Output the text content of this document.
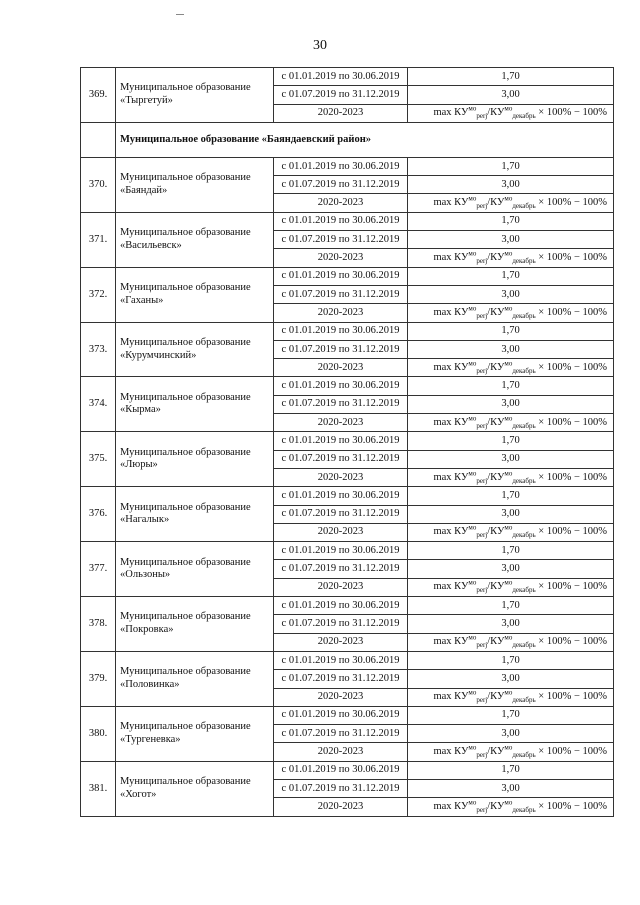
30
369.	Муниципальное образование «Тыргетуй»	с 01.01.2019 по 30.06.2019	1,70
		с 01.07.2019 по 31.12.2019	3,00
		2020-2023	$\max КУ^{мо}_{perj}/КУ^{мо}_{декабрь} \times 100\% - 100\%$
	Муниципальное образование «Баяндаевский район»		
370.	Муниципальное образование «Баяндай»	с 01.01.2019 по 30.06.2019	1,70
		с 01.07.2019 по 31.12.2019	3,00
		2020-2023	$\max КУ^{мо}_{perj}/КУ^{мо}_{декабрь} \times 100\% - 100\%$
371.	Муниципальное образование «Васильевск»	с 01.01.2019 по 30.06.2019	1,70
		с 01.07.2019 по 31.12.2019	3,00
		2020-2023	$\max КУ^{мо}_{perj}/КУ^{мо}_{декабрь} \times 100\% - 100\%$
372.	Муниципальное образование «Гаханы»	с 01.01.2019 по 30.06.2019	1,70
		с 01.07.2019 по 31.12.2019	3,00
		2020-2023	$\max КУ^{мо}_{perj}/КУ^{мо}_{декабрь} \times 100\% - 100\%$
373.	Муниципальное образование «Курумчинский»	с 01.01.2019 по 30.06.2019	1,70
		с 01.07.2019 по 31.12.2019	3,00
		2020-2023	$\max КУ^{мо}_{perj}/КУ^{мо}_{декабрь} \times 100\% - 100\%$
374.	Муниципальное образование «Кырма»	с 01.01.2019 по 30.06.2019	1,70
		с 01.07.2019 по 31.12.2019	3,00
		2020-2023	$\max КУ^{мо}_{perj}/КУ^{мо}_{декабрь} \times 100\% - 100\%$
375.	Муниципальное образование «Люры»	с 01.01.2019 по 30.06.2019	1,70
		с 01.07.2019 по 31.12.2019	3,00
		2020-2023	$\max КУ^{мо}_{perj}/КУ^{мо}_{декабрь} \times 100\% - 100\%$
376.	Муниципальное образование «Нагалык»	с 01.01.2019 по 30.06.2019	1,70
		с 01.07.2019 по 31.12.2019	3,00
		2020-2023	$\max КУ^{мо}_{perj}/КУ^{мо}_{декабрь} \times 100\% - 100\%$
377.	Муниципальное образование «Ользоны»	с 01.01.2019 по 30.06.2019	1,70
		с 01.07.2019 по 31.12.2019	3,00
		2020-2023	$\max КУ^{мо}_{perj}/КУ^{мо}_{декабрь} \times 100\% - 100\%$
378.	Муниципальное образование «Покровка»	с 01.01.2019 по 30.06.2019	1,70
		с 01.07.2019 по 31.12.2019	3,00
		2020-2023	$\max КУ^{мо}_{perj}/КУ^{мо}_{декабрь} \times 100\% - 100\%$
379.	Муниципальное образование «Половинка»	с 01.01.2019 по 30.06.2019	1,70
		с 01.07.2019 по 31.12.2019	3,00
		2020-2023	$\max КУ^{мо}_{perj}/КУ^{мо}_{декабрь} \times 100\% - 100\%$
380.	Муниципальное образование «Тургеневка»	с 01.01.2019 по 30.06.2019	1,70
		с 01.07.2019 по 31.12.2019	3,00
		2020-2023	$\max КУ^{мо}_{perj}/КУ^{мо}_{декабрь} \times 100\% - 100\%$
381.	Муниципальное образование «Хогот»	с 01.01.2019 по 30.06.2019	1,70
		с 01.07.2019 по 31.12.2019	3,00
		2020-2023	$\max КУ^{мо}_{perj}/КУ^{мо}_{декабрь} \times 100\% - 100\%$
